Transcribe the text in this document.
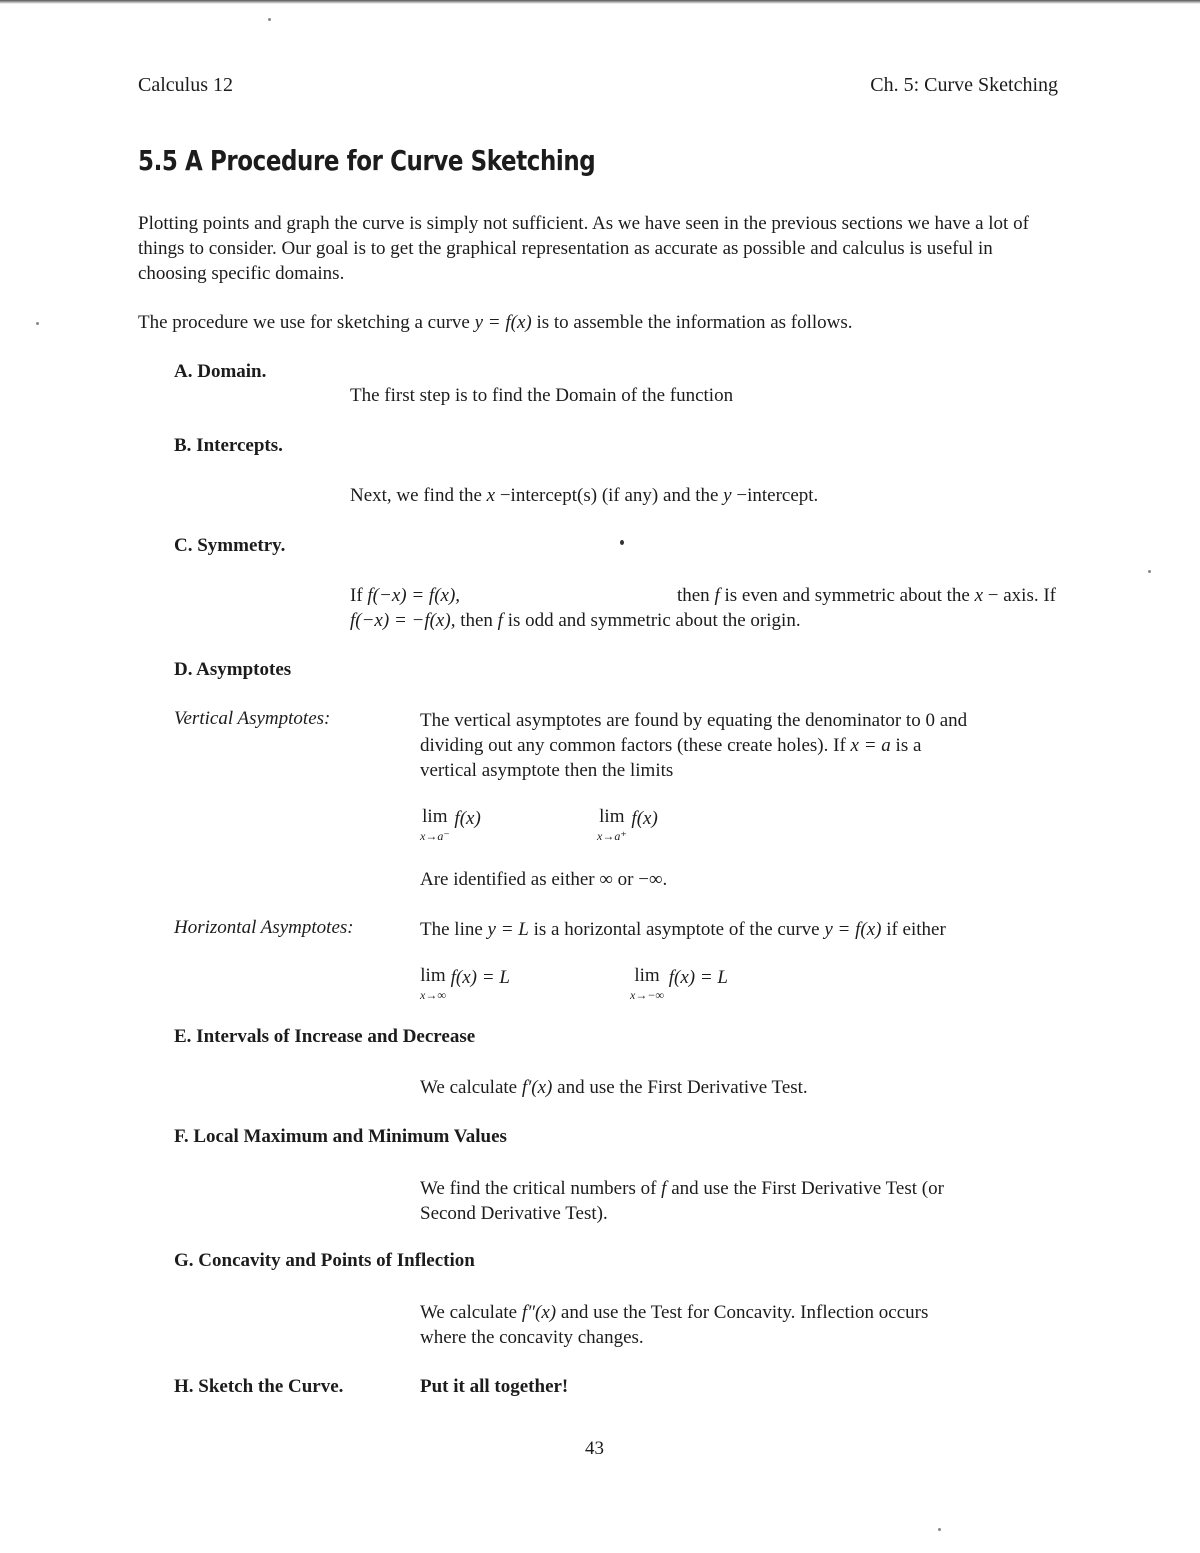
Calculus 12	Ch. 5: Curve Sketching
5.5 A Procedure for Curve Sketching
Plotting points and graph the curve is simply not sufficient. As we have seen in the previous sections we have a lot of things to consider. Our goal is to get the graphical representation as accurate as possible and calculus is useful in choosing specific domains.
The procedure we use for sketching a curve y = f(x) is to assemble the information as follows.
A. Domain.
The first step is to find the Domain of the function
B. Intercepts.
Next, we find the x −intercept(s) (if any) and the y −intercept.
C. Symmetry.
If f(−x) = f(x),	then f is even and symmetric about the x − axis. If
f(−x) = −f(x), then f is odd and symmetric about the origin.
D. Asymptotes
Vertical Asymptotes:	The vertical asymptotes are found by equating the denominator to 0 and
dividing out any common factors (these create holes). If x = a is a
vertical asymptote then the limits
lim
x→a⁻
f(x)	lim
x→a⁺
f(x)
Are identified as either ∞ or −∞.
Horizontal Asymptotes:	The line y = L is a horizontal asymptote of the curve y = f(x) if either
lim
x→∞
f(x) = L	lim
x→−∞
f(x) = L
E. Intervals of Increase and Decrease
We calculate f′(x) and use the First Derivative Test.
F. Local Maximum and Minimum Values
We find the critical numbers of f and use the First Derivative Test (or
Second Derivative Test).
G. Concavity and Points of Inflection
We calculate f″(x) and use the Test for Concavity. Inflection occurs
where the concavity changes.
H. Sketch the Curve.	Put it all together!
43
